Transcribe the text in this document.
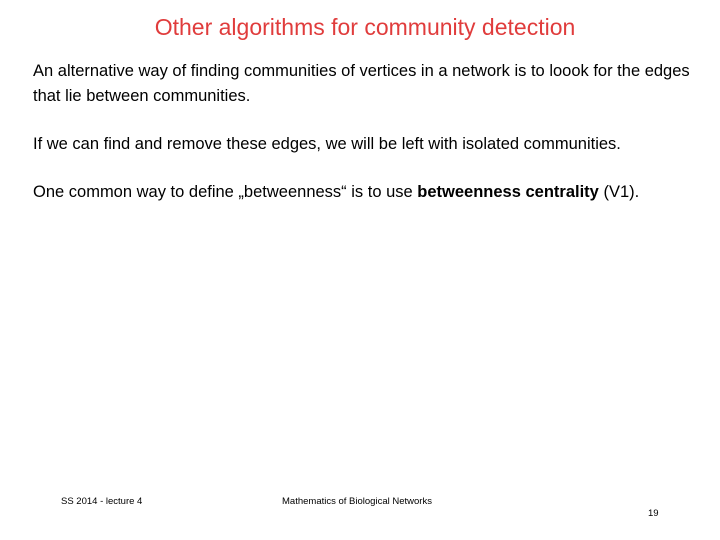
Other algorithms for community detection

An alternative way of finding communities of vertices in a network is to loook for the edges that lie between communities.

If we can find and remove these edges, we will be left with isolated communities.

One common way to define „betweenness“ is to use betweenness centrality (V1).

SS 2014 - lecture 4	Mathematics of Biological Networks
19
